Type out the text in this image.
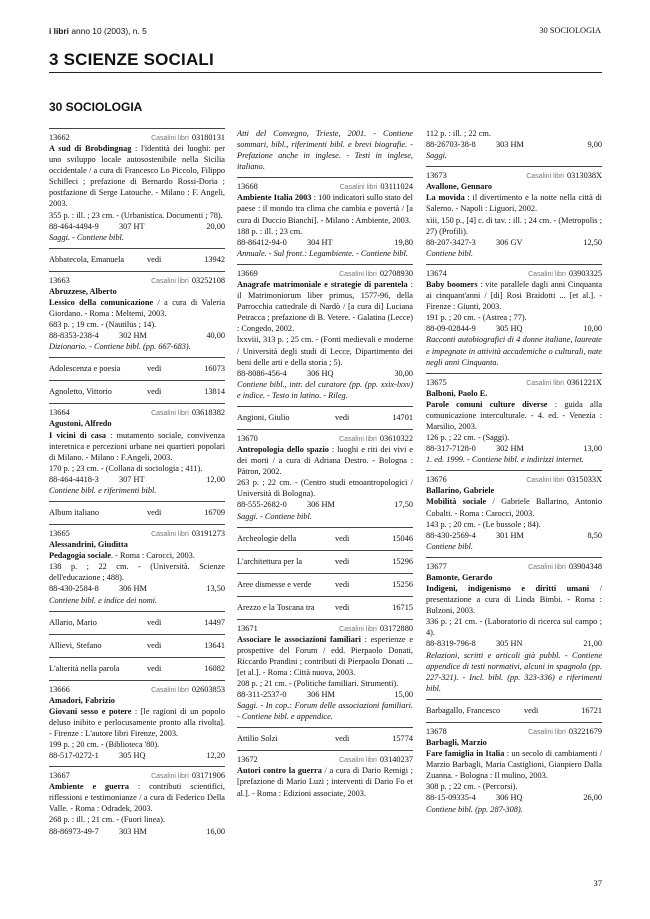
i libri anno 10 (2003), n. 5	30 SOCIOLOGIA
3 SCIENZE SOCIALI
30 SOCIOLOGIA
13662	Casalini libri 03180131
A sud di Brobdingnag : l'identità dei luoghi: per uno sviluppo locale autosostenibile nella Sicilia occidentale / a cura di Francesco Lo Piccolo, Filippo Schilleci ; prefazione di Bernardo Rossi-Doria ; postfazione di Serge Latouche. - Milano : F. Angeli, 2003.
355 p. : ill. ; 23 cm. - (Urbanistica. Documenti ; 78).
88-464-4494-9 307 HT	20,00
Saggi. - Contiene bibl.
Abbatecola, Emanuela	vedi	13942
13663	Casalini libri 03252108
Abruzzese, Alberto
Lessico della comunicazione / a cura di Valeria Giordano. - Roma : Meltemi, 2003.
683 p. ; 19 cm. - (Nautilus ; 14).
88-8353-238-4 302 HM	40,00
Dizionario. - Contiene bibl. (pp. 667-683).
Adolescenza e poesia	vedi	16073
Agnoletto, Vittorio	vedi	13814
13664	Casalini libri 03618382
Agustoni, Alfredo
I vicini di casa : mutamento sociale, convivenza interetnica e percezioni urbane nei quartieri popolari di Milano. - Milano : F.Angeli, 2003.
170 p. ; 23 cm. - (Collana di sociologia ; 411).
88-464-4418-3 307 HT	12,00
Contiene bibl. e riferimenti bibl.
Album italiano	vedi	16709
13665	Casalini libri 03191273
Alessandrini, Giuditta
Pedagogia sociale. - Roma : Carocci, 2003.
138 p. ; 22 cm. - (Università. Scienze dell'educazione ; 488).
88-430-2584-8 306 HM	13,50
Contiene bibl. e indice dei nomi.
Allario, Mario	vedi	14497
Allievi, Stefano	vedi	13641
L'alterità nella parola	vedi	16082
13666	Casalini libri 02603853
Amadori, Fabrizio
Giovani sesso e potere : [le ragioni di un popolo deluso inibito e perlocusamente pronto alla rivolta]. - Firenze : L'autore libri Firenze, 2003.
199 p. ; 20 cm. - (Biblioteca '80).
88-517-0272-1 305 HQ	12,20
13667	Casalini libri 03171906
Ambiente e guerra : contributi scientifici, riflessioni e testimonianze / a cura di Federico Della Valle. - Roma : Odradek, 2003.
268 p. : ill. ; 21 cm. - (Fuori linea).
88-86973-49-7 303 HM	16,00
Atti del Convegno, Trieste, 2001. - Contiene sommari, bibl., riferimenti bibl. e brevi biografie. - Prefazione anche in inglese. - Testi in inglese, italiano.
13668	Casalini libri 03111024
Ambiente Italia 2003 : 100 indicatori sullo stato del paese : il mondo tra clima che cambia e povertà / [a cura di Duccio Bianchi]. - Milano : Ambiente, 2003.
188 p. : ill. ; 23 cm.
88-86412-94-0 304 HT	19,80
Annuale. - Sul front.: Legambiente. - Contiene bibl.
13669	Casalini libri 02708930
Anagrafe matrimoniale e strategie di parentela : il Matrimoniorum liber primus, 1577-96, della Parrocchia cattedrale di Nardò / [a cura di] Luciana Petracca ; prefazione di B. Vetere. - Galatina (Lecce) : Congedo, 2002.
lxxviii, 313 p. ; 25 cm. - (Fonti medievali e moderne / Università degli studi di Lecce, Dipartimento dei beni delle arti e della storia ; 5).
88-8086-456-4 306 HQ	30,00
Contiene bibl., intr. del curatore (pp. (pp. xxix-lxxv) e indice. - Testo in latino. - Rileg.
Angioni, Giulio	vedi	14701
13670	Casalini libri 03610322
Antropologia dello spazio : luoghi e riti dei vivi e dei morti / a cura di Adriana Destro. - Bologna : Pàtron, 2002.
263 p. ; 22 cm. - (Centro studi etnoantropologici / Università di Bologna).
88-555-2682-0 306 HM	17,50
Saggi. - Contiene bibl.
Archeologie della	vedi	15046
L'architettura per la	vedi	15296
Aree dismesse e verde	vedi	15256
Arezzo e la Toscana tra vedi	16715
13671	Casalini libri 03172880
Associare le associazioni familiari : esperienze e prospettive del Forum / edd. Pierpaolo Donati, Riccardo Prandini ; contributi di Pierpaolo Donati ... [et al.]. - Roma : Città nuova, 2003.
208 p. ; 21 cm. - (Politiche familiari. Strumenti).
88-311-2537-0 306 HM	15,00
Saggi. - In cop.: Forum delle associazioni familiari. - Contiene bibl. e appendice.
Attilio Solzi	vedi	15774
13672	Casalini libri 03140237
Autori contro la guerra / a cura di Dario Remigi ; [prefazione di Mario Luzi ; interventi di Dario Fo et al.]. - Roma : Edizioni associate, 2003.
112 p. : ill. ; 22 cm.
88-26703-38-8 303 HM	9,00
Saggi.
13673	Casalini libri 0313038X
Avallone, Gennaro
La movida : il divertimento e la notte nella città di Salerno. - Napoli : Liguori, 2002.
xiii, 150 p., [4] c. di tav. : ill. ; 24 cm. - (Metropolis ; 27) (Profili).
88-207-3427-3 306 GV	12,50
Contiene bibl.
13674	Casalini libri 03903325
Baby boomers : vite parallele dagli anni Cinquanta ai cinquant'anni / [di] Rosi Braidotti ... [et al.]. - Firenze : Giunti, 2003.
191 p. ; 20 cm. - (Astrea ; 77).
88-09-02844-9 305 HQ	10,00
Racconti autobiografici di 4 donne italiane, laureate e impegnate in attività accademiche o culturali, nate negli anni Cinquanta.
13675	Casalini libri 0361221X
Balboni, Paolo E.
Parole comuni culture diverse : guida alla comunicazione interculturale. - 4. ed. - Venezia : Marsilio, 2003.
126 p. ; 22 cm. - (Saggi).
88-317-7128-0 302 HM	13,00
1. ed. 1999. - Contiene bibl. e indirizzi internet.
13676	Casalini libri 0315033X
Ballarino, Gabriele
Mobilità sociale / Gabriele Ballarino, Antonio Cobalti. - Roma : Carocci, 2003.
143 p. ; 20 cm. - (Le bussole ; 84).
88-430-2569-4 301 HM	8,50
Contiene bibl.
13677	Casalini libri 03904348
Bamonte, Gerardo
Indigeni, indigenismo e diritti umani / presentazione a cura di Linda Bimbi. - Roma : Bulzoni, 2003.
336 p. ; 21 cm. - (Laboratorio di ricerca sul campo ; 4).
88-8319-796-8 305 HN	21,00
Relazioni, scritti e articoli già pubbl. - Contiene appendice di testi normativi, alcuni in spagnolo (pp. 227-321). - Incl. bibl. (pp. 323-336) e riferimenti bibl.
Barbagallo, Francesco	vedi	16721
13678	Casalini libri 03221679
Barbagli, Marzio
Fare famiglia in Italia : un secolo di cambiamenti / Marzio Barbagli, Maria Castiglioni, Gianpiero Dalla Zuanna. - Bologna : Il mulino, 2003.
308 p. ; 22 cm. - (Percorsi).
88-15-09335-4 306 HQ	26,00
Contiene bibl. (pp. 287-308).
37
